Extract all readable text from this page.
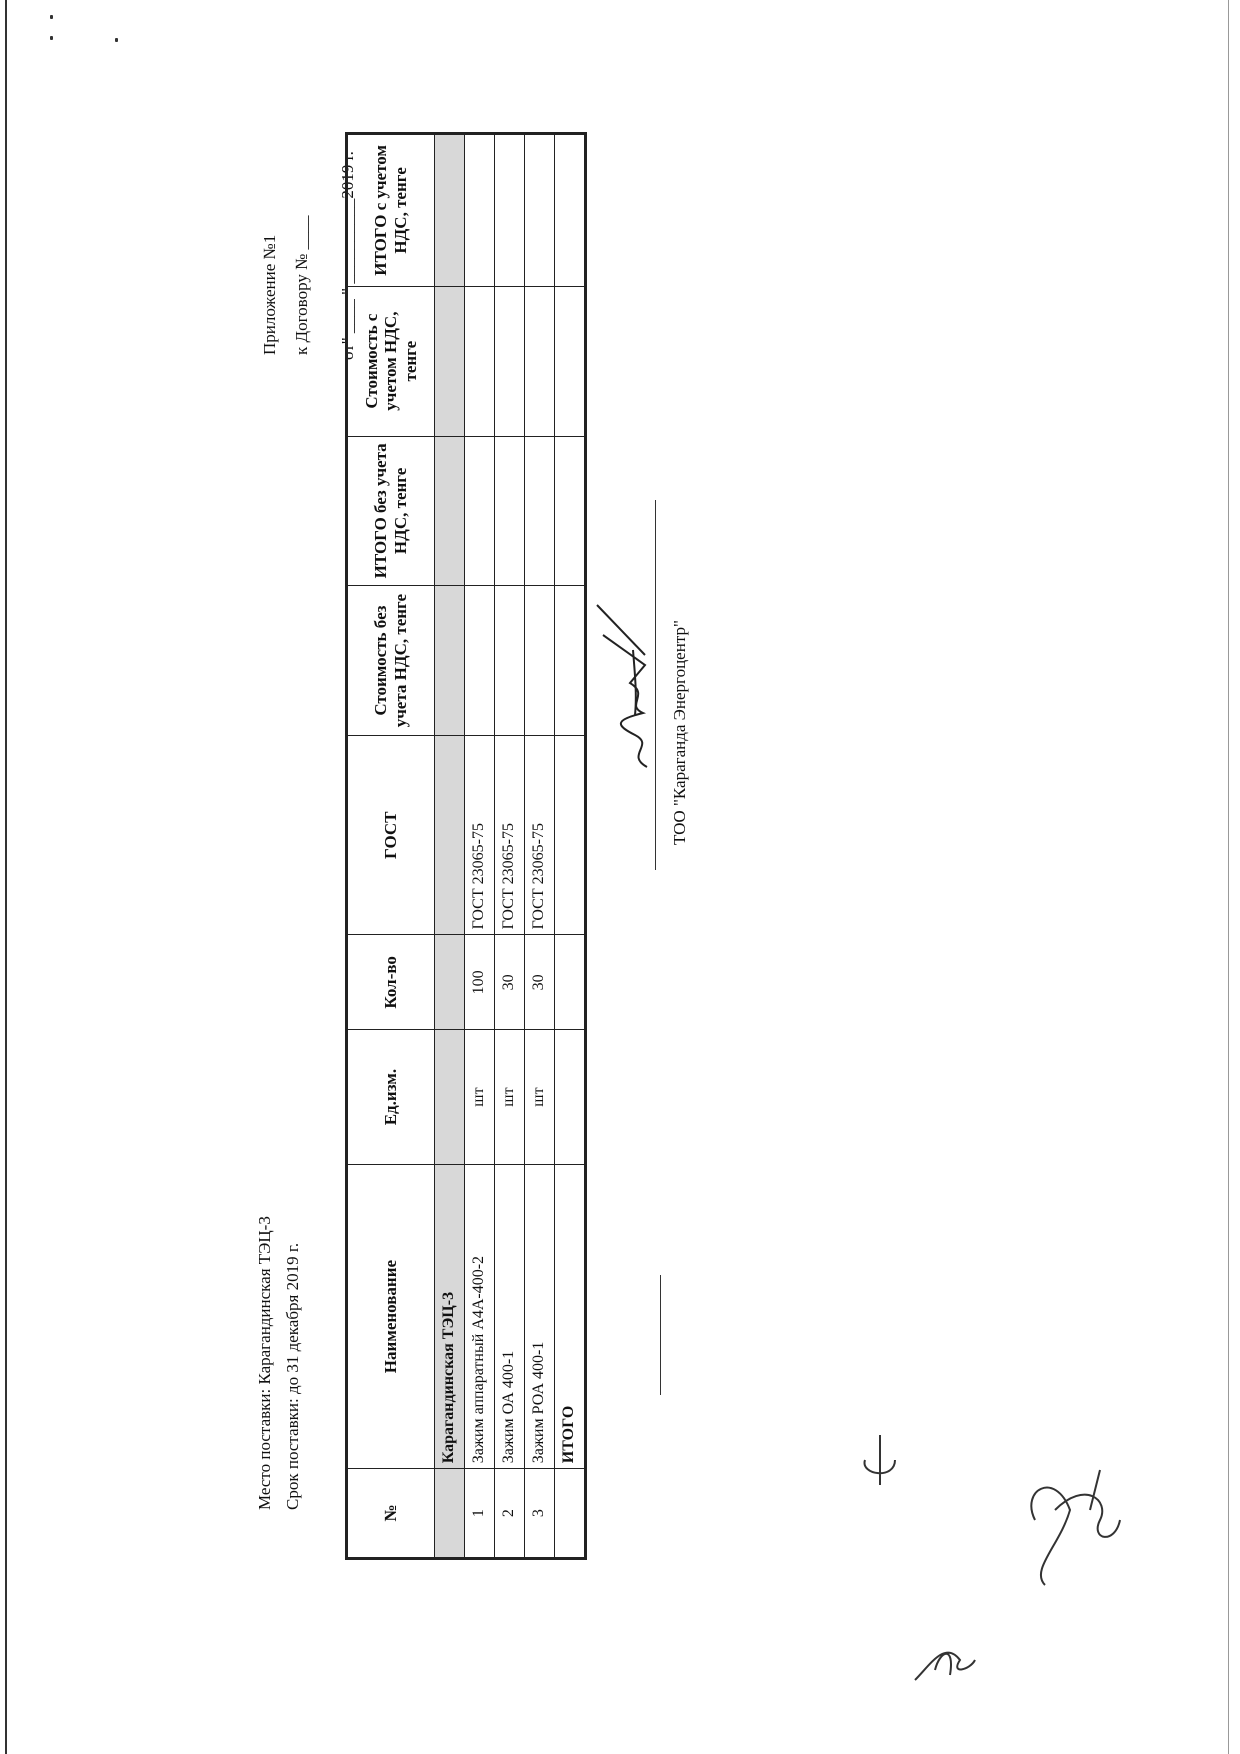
Приложение №1 к Договору № ____ от" ____ " __________2019 г.
Место поставки: Карагандинская ТЭЦ-3 Срок поставки: до 31 декабря 2019 г.
№	Наименование	Ед.изм.	Кол-во	ГОСТ	Стоимость без учета НДС, тенге	ИТОГО без учета НДС, тенге	Стоимость с учетом НДС, тенге	ИТОГО с учетом НДС, тенге
	Карагандинская ТЭЦ-3							
1	Зажим аппаратный А4А-400-2	шт	100	ГОСТ 23065-75				
2	Зажим ОА 400-1	шт	30	ГОСТ 23065-75				
3	Зажим РОА 400-1	шт	30	ГОСТ 23065-75				
	ИТОГО							
ТОО "Караганда Энергоцентр"
